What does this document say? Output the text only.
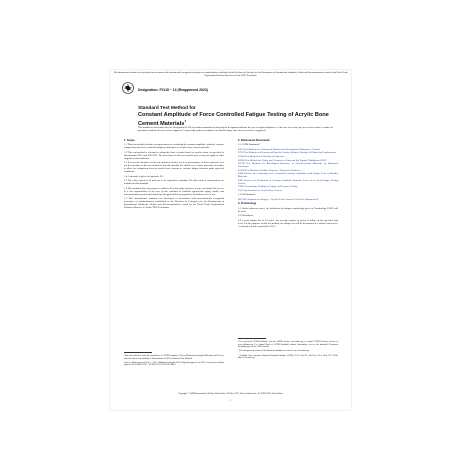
This international standard was developed in accordance with internationally recognized principles on standardization established in the Decision on Principles for the Development of International Standards, Guides and Recommendations issued by the World Trade Organization Technical Barriers to Trade (TBT) Committee.
Designation: F2118 − 14 (Reapproved 2020)
Standard Test Method for
Constant Amplitude of Force Controlled Fatigue Testing of Acrylic Bone Cement Materials$^1$
This standard is issued under the fixed designation F2118; the number immediately following the designation indicates the year of original adoption or, in the case of revision, the year of last revision. A number in parentheses indicates the year of last reapproval. A superscript epsilon (ε) indicates an editorial change since the last revision or reapproval.
1. Scope
1.1 This test method describes test procedures for evaluating the constant amplitude, uniaxial, tension-compression and force controlled fatigue performance of acrylic bone cement materials.
1.2 This test method is relevant to orthopedic bone cements based on acrylic resins, as specified in Specification F451 and ISO 5833. The procedures in this test method may or may not apply to other surgical cement materials.
1.3 It is not the intention of this test method to define levels of performance of these materials. It is not the intention of this test method to directly simulate the clinical use of these materials, but rather to allow for comparison between acrylic bone cements to evaluate fatigue behavior under specified conditions.
1.4 A rationale is given in Appendix X1.
1.5 The values stated in SI units are to be regarded as standard. No other units of measurement are included in this standard.
1.6 This standard does not purport to address all of the safety concerns, if any, associated with its use. It is the responsibility of the user of this standard to establish appropriate safety, health, and environmental practices and determine the applicability of regulatory limitations prior to use.
1.7 This international standard was developed in accordance with internationally recognized principles on standardization established in the Decision on Principles for the Development of International Standards, Guides and Recommendations issued by the World Trade Organization Technical Barriers to Trade (TBT) Committee.
¹This test method is under the jurisdiction of ASTM Committee F04 on Medical and Surgical Materials and Devices and is the direct responsibility of Subcommittee F04.15 on Material Test Methods.
Current edition approved Sept. 1, 2020. Published September 2020. Originally approved in 2001. Last previous edition approved in 2014 as F2118 – 14. DOI: 10.1520/F2118-14R20.
2. Referenced Documents
2.1 ASTM Standards:²
D623 Test Methods for Vulcanized Rubber and Thermoplastic Elastomers—Tension
D792 Test Methods for Density and Specific Gravity (Relative Density) of Plastics by Displacement
D1084 Test Methods for Viscosity of Adhesives
D2990 Test Method for Clarity and Cleanness of Paint and Ink Liquids (Withdrawn 2003)³
D2749 Test Methods for Rheological Properties of Non-Newtonian Materials by Rotational Viscometer
D2240 Test Method for Rubber Property—Durometer Hardness
E466 Practice for Conducting Force Controlled Constant Amplitude Axial Fatigue Tests of Metallic Materials
E467 Practice for Verification of Constant Amplitude Dynamic Forces in an Axial Fatigue Testing System
E1823 Terminology Relating to Fatigue and Fracture Testing
F451 Specification for Acrylic Bone Cement
2.2 ISO Standard:
ISO 5833 Implants for Surgery—Acrylic Resin Cements (Cont’d in Orthopedics)⁴
3. Terminology
3.1 Unless otherwise given, the definitions for fatigue terminology given in Terminology E1823 will be used.
3.2 Definitions:
3.2.1 mean fatigue life at N cycles—the average number of cycles to failure at the specified load level. For the purposes of this test method, the fatigue life will be determined at 5 million load cycles. A rationale for this is provided in X1.1.
² For referenced ASTM standards, visit the ASTM website, www.astm.org, or contact ASTM Customer Service at service@astm.org. For Annual Book of ASTM Standards volume information, refer to the standard’s Document Summary page on the ASTM website.
³ The last approved version of this historical standard is referenced on www.astm.org.
⁴ Available from American National Standards Institute (ANSI), 25 W. 43rd St., 4th Floor, New York, NY 10036, http://www.ansi.org.
Copyright © ASTM International, 100 Barr Harbor Drive, PO Box C700, West Conshohocken, PA 19428-2959. United States
1
